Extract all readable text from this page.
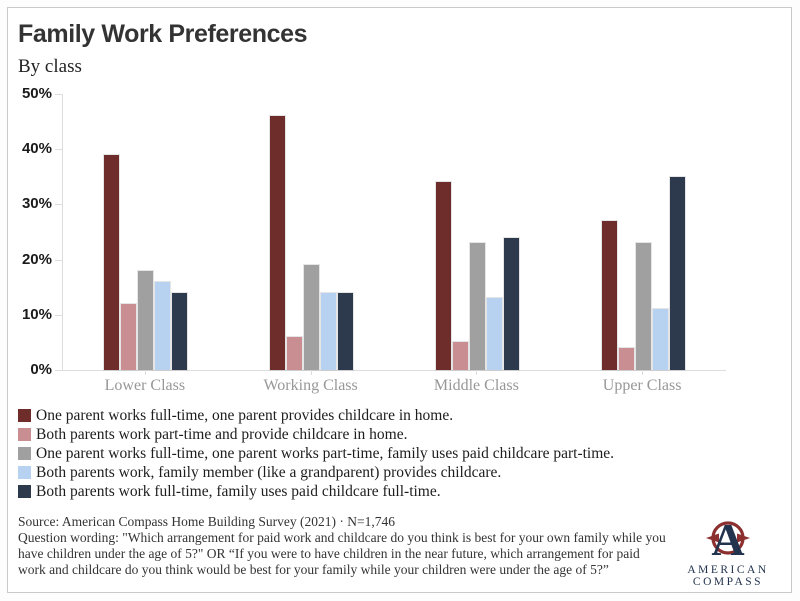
Family Work Preferences
By class
0%
10%
20%
30%
40%
50%
Lower Class	Working Class	Middle Class	Upper Class
One parent works full-time, one parent provides childcare in home.
Both parents work part-time and provide childcare in home.
One parent works full-time, one parent works part-time, family uses paid childcare part-time.
Both parents work, family member (like a grandparent) provides childcare.
Both parents work full-time, family uses paid childcare full-time.
Source: American Compass Home Building Survey (2021) · N=1,746
Question wording: "Which arrangement for paid work and childcare do you think is best for your own family while you
have children under the age of 5?" OR “If you were to have children in the near future, which arrangement for paid
work and childcare do you think would be best for your family while your children were under the age of 5?”
A
AMERICAN
COMPASS
